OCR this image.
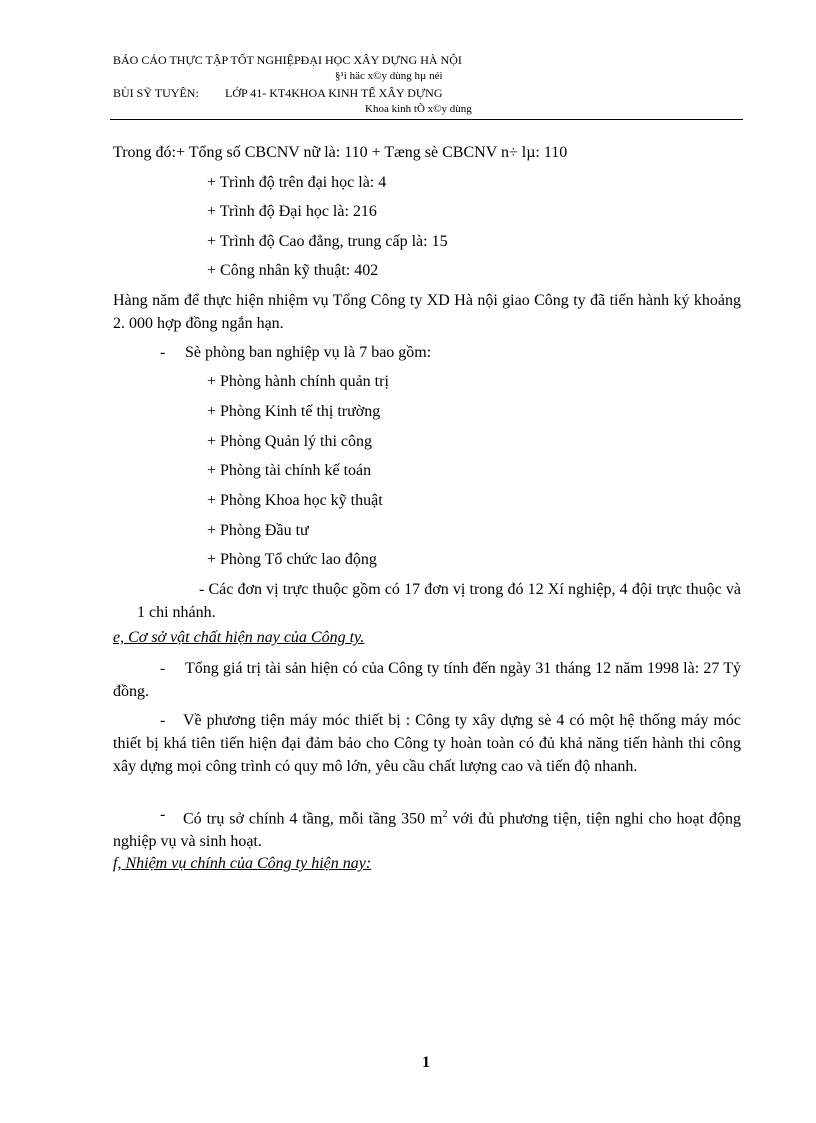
BÁO CÁO THỰC TẬP TỐT NGHIỆPĐẠI HỌC XÂY DỰNG HÀ NỘI
§¹i häc x©y dùng hµ néi
BÙI SỸ TUYÊN: LỚP 41- KT4KHOA KINH TẾ XÂY DỰNG
Khoa kinh tÕ x©y dùng
Trong đó:+ Tổng số CBCNV nữ là: 110 + Tæng sè CBCNV n÷ lµ: 110
+ Trình độ trên đại học là: 4
+ Trình độ Đại học là: 216
+ Trình độ Cao đẳng, trung cấp là: 15
+ Công nhân kỹ thuật: 402
Hàng năm để thực hiện nhiệm vụ Tổng Công ty XD Hà nội giao Công ty đã tiến hành ký khoảng 2. 000 hợp đồng ngắn hạn.
- Sè phòng ban nghiệp vụ là 7 bao gồm:
+ Phòng hành chính quản trị
+ Phòng Kinh tế thị trường
+ Phòng Quản lý thi công
+ Phòng tài chính kế toán
+ Phòng Khoa học kỹ thuật
+ Phòng Đầu tư
+ Phòng Tổ chức lao động
- Các đơn vị trực thuộc gồm có 17 đơn vị trong đó 12 Xí nghiệp, 4 đội trực thuộc và 1 chi nhánh.
e, Cơ sở vật chất hiện nay của Công ty.
-	Tổng giá trị tài sản hiện có của Công ty tính đến ngày 31 tháng 12 năm 1998 là: 27 Tỷ đồng.
-	Về phương tiện máy móc thiết bị : Công ty xây dựng sè 4 có một hệ thống máy móc thiết bị khá tiên tiến hiện đại đảm bảo cho Công ty hoàn toàn có đủ khả năng tiến hành thi công xây dựng mọi công trình có quy mô lớn, yêu cầu chất lượng cao và tiến độ nhanh.
-	Có trụ sở chính 4 tầng, mỗi tầng 350 $m^2$ với đủ phương tiện, tiện nghi cho hoạt động nghiệp vụ và sinh hoạt.
f, Nhiệm vụ chính của Công ty hiện nay:
1
